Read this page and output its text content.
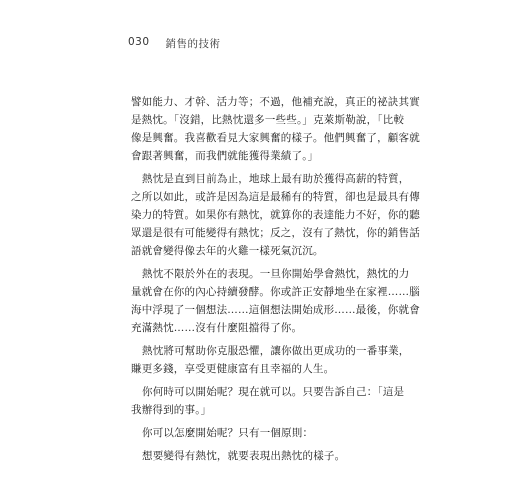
030 銷售的技術
譬如能力、才幹、活力等；不過，他補充說，真正的祕訣其實
是熱忱。「沒錯，比熱忱還多一些些。」克萊斯勒說，「比較
像是興奮。我喜歡看見大家興奮的樣子。他們興奮了，顧客就
會跟著興奮，而我們就能獲得業績了。」
熱忱是直到目前為止，地球上最有助於獲得高薪的特質，
之所以如此，或許是因為這是最稀有的特質，卻也是最具有傳
染力的特質。如果你有熱忱，就算你的表達能力不好，你的聽
眾還是很有可能變得有熱忱；反之，沒有了熱忱，你的銷售話
語就會變得像去年的火雞一樣死氣沉沉。
熱忱不限於外在的表現。一旦你開始學會熱忱，熱忱的力
量就會在你的內心持續發酵。你或許正安靜地坐在家裡……腦
海中浮現了一個想法……這個想法開始成形……最後，你就會
充滿熱忱……沒有什麼阻擋得了你。
熱忱將可幫助你克服恐懼，讓你做出更成功的一番事業，
賺更多錢，享受更健康富有且幸福的人生。
你何時可以開始呢？現在就可以。只要告訴自己：「這是
我辦得到的事。」
你可以怎麼開始呢？只有一個原則：
想要變得有熱忱，就要表現出熱忱的樣子。
